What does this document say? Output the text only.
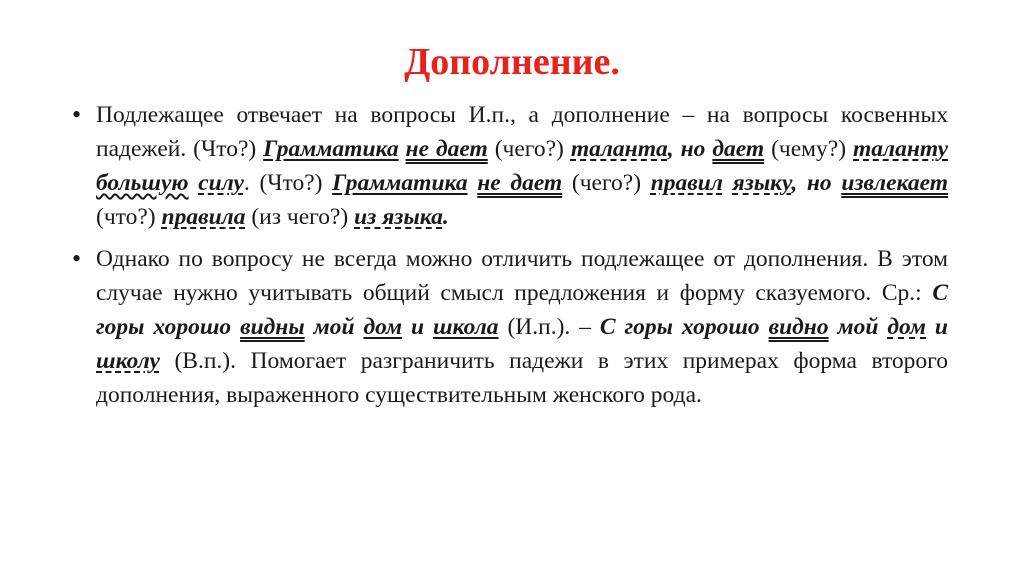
Дополнение.
• Подлежащее отвечает на вопросы И.п., а дополнение – на вопросы косвенных падежей. (Что?) Грамматика не дает (чего?) таланта, но дает (чему?) таланту большую силу. (Что?) Грамматика не дает (чего?) правил языку, но извлекает (что?) правила (из чего?) из языка.
• Однако по вопросу не всегда можно отличить подлежащее от дополнения. В этом случае нужно учитывать общий смысл предложения и форму сказуемого. Ср.: С горы хорошо видны мой дом и школа (И.п.). – С горы хорошо видно мой дом и школу (В.п.). Помогает разграничить падежи в этих примерах форма второго дополнения, выраженного существительным женского рода.
